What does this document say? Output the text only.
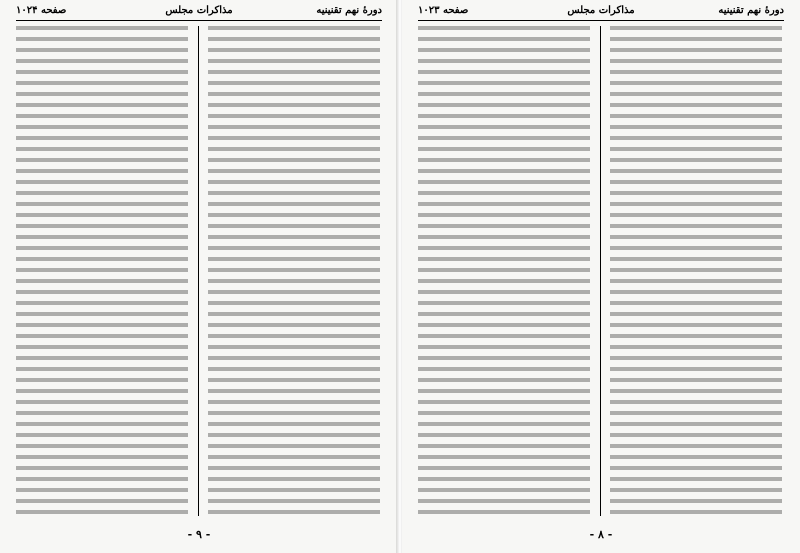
صفحه ۱۰۲۴	مذاکرات مجلس	دورهٔ نهم تقنینیه
- ۹ -
صفحه ۱۰۲۳	مذاکرات مجلس	دورهٔ نهم تقنینیه
- ۸ -
